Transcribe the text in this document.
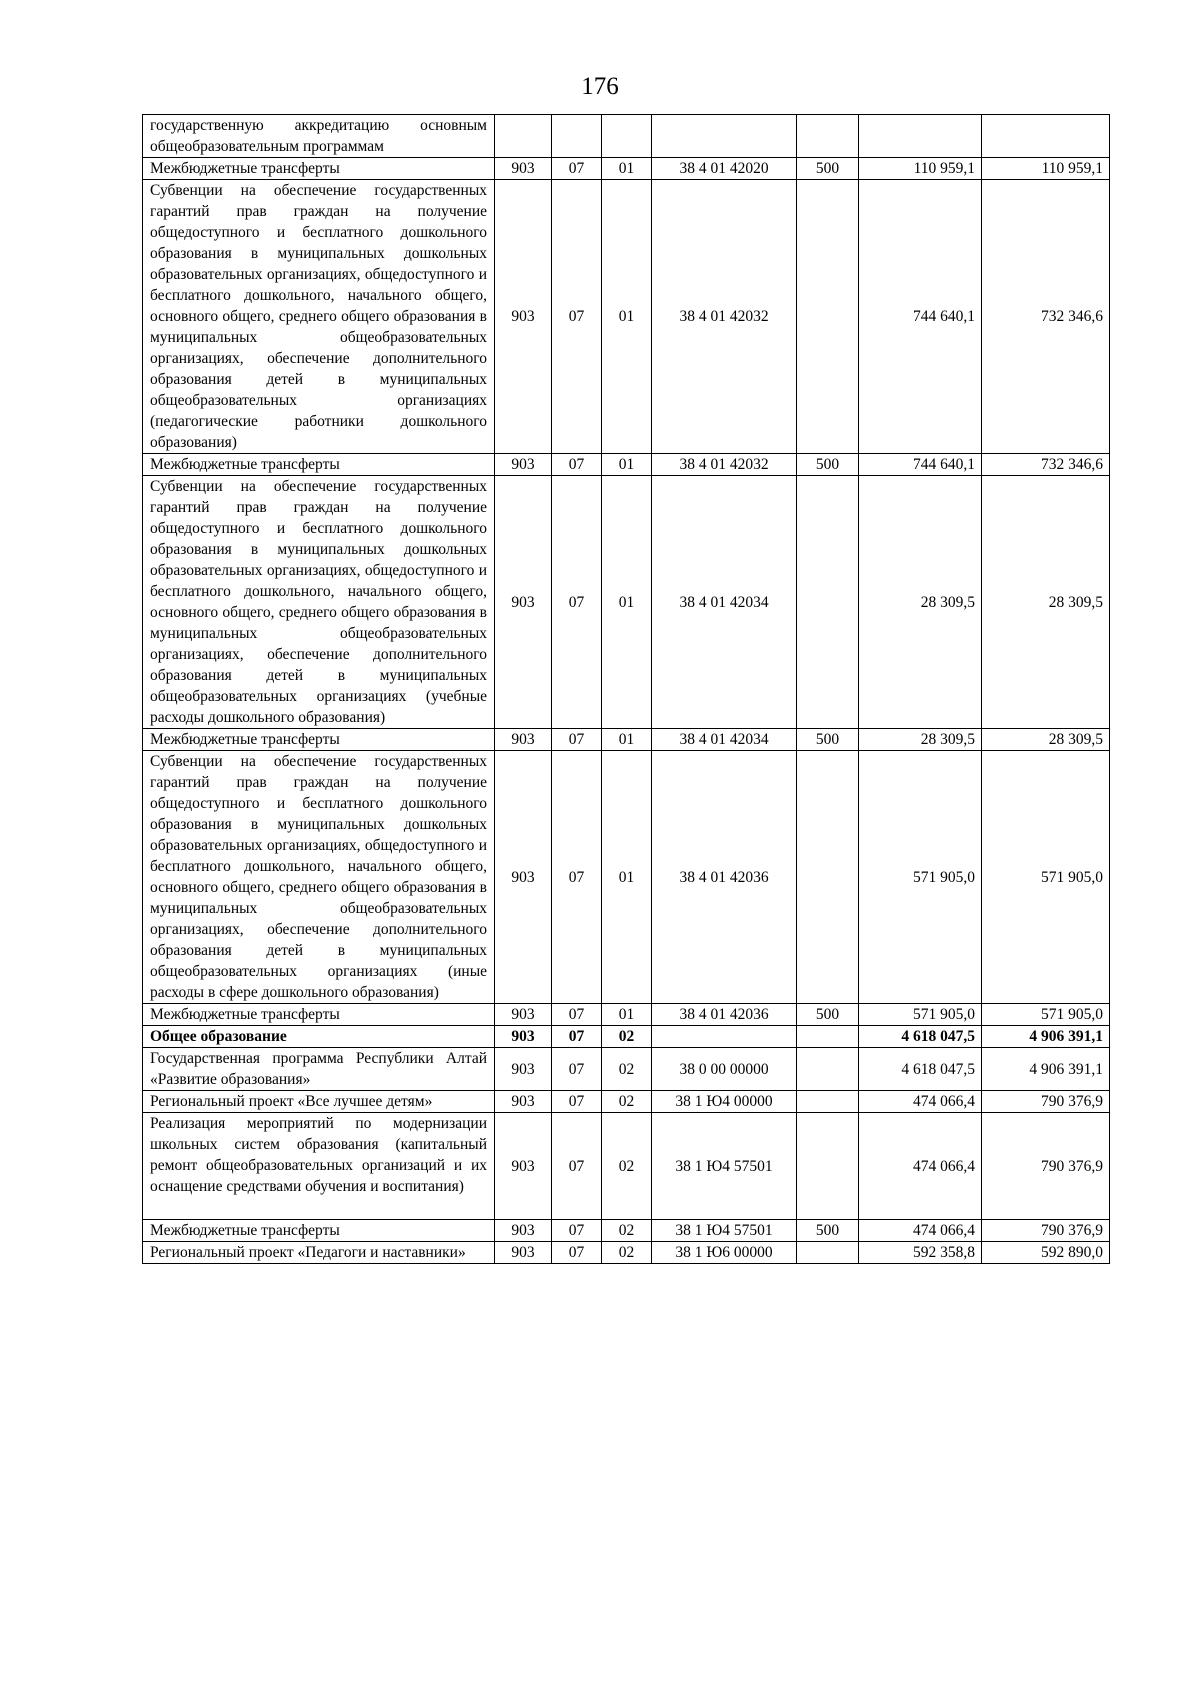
176
государственную аккредитацию основным общеобразовательным программам							
Межбюджетные трансферты	903	07	01	38 4 01 42020	500	110 959,1	110 959,1
Субвенции на обеспечение государственных гарантий прав граждан на получение общедоступного и бесплатного дошкольного образования в муниципальных дошкольных образовательных организациях, общедоступного и бесплатного дошкольного, начального общего, основного общего, среднего общего образования в муниципальных общеобразовательных организациях, обеспечение дополнительного образования детей в муниципальных общеобразовательных организациях (педагогические работники дошкольного образования)	903	07	01	38 4 01 42032		744 640,1	732 346,6
Межбюджетные трансферты	903	07	01	38 4 01 42032	500	744 640,1	732 346,6
Субвенции на обеспечение государственных гарантий прав граждан на получение общедоступного и бесплатного дошкольного образования в муниципальных дошкольных образовательных организациях, общедоступного и бесплатного дошкольного, начального общего, основного общего, среднего общего образования в муниципальных общеобразовательных организациях, обеспечение дополнительного образования детей в муниципальных общеобразовательных организациях (учебные расходы дошкольного образования)	903	07	01	38 4 01 42034		28 309,5	28 309,5
Межбюджетные трансферты	903	07	01	38 4 01 42034	500	28 309,5	28 309,5
Субвенции на обеспечение государственных гарантий прав граждан на получение общедоступного и бесплатного дошкольного образования в муниципальных дошкольных образовательных организациях, общедоступного и бесплатного дошкольного, начального общего, основного общего, среднего общего образования в муниципальных общеобразовательных организациях, обеспечение дополнительного образования детей в муниципальных общеобразовательных организациях (иные расходы в сфере дошкольного образования)	903	07	01	38 4 01 42036		571 905,0	571 905,0
Межбюджетные трансферты	903	07	01	38 4 01 42036	500	571 905,0	571 905,0
Общее образование	903	07	02			4 618 047,5	4 906 391,1
Государственная программа Республики Алтай «Развитие образования»	903	07	02	38 0 00 00000		4 618 047,5	4 906 391,1
Региональный проект «Все лучшее детям»	903	07	02	38 1 Ю4 00000		474 066,4	790 376,9
Реализация мероприятий по модернизации школьных систем образования (капитальный ремонт общеобразовательных организаций и их оснащение средствами обучения и воспитания)	903	07	02	38 1 Ю4 57501		474 066,4	790 376,9
Межбюджетные трансферты	903	07	02	38 1 Ю4 57501	500	474 066,4	790 376,9
Региональный проект «Педагоги и наставники»	903	07	02	38 1 Ю6 00000		592 358,8	592 890,0
